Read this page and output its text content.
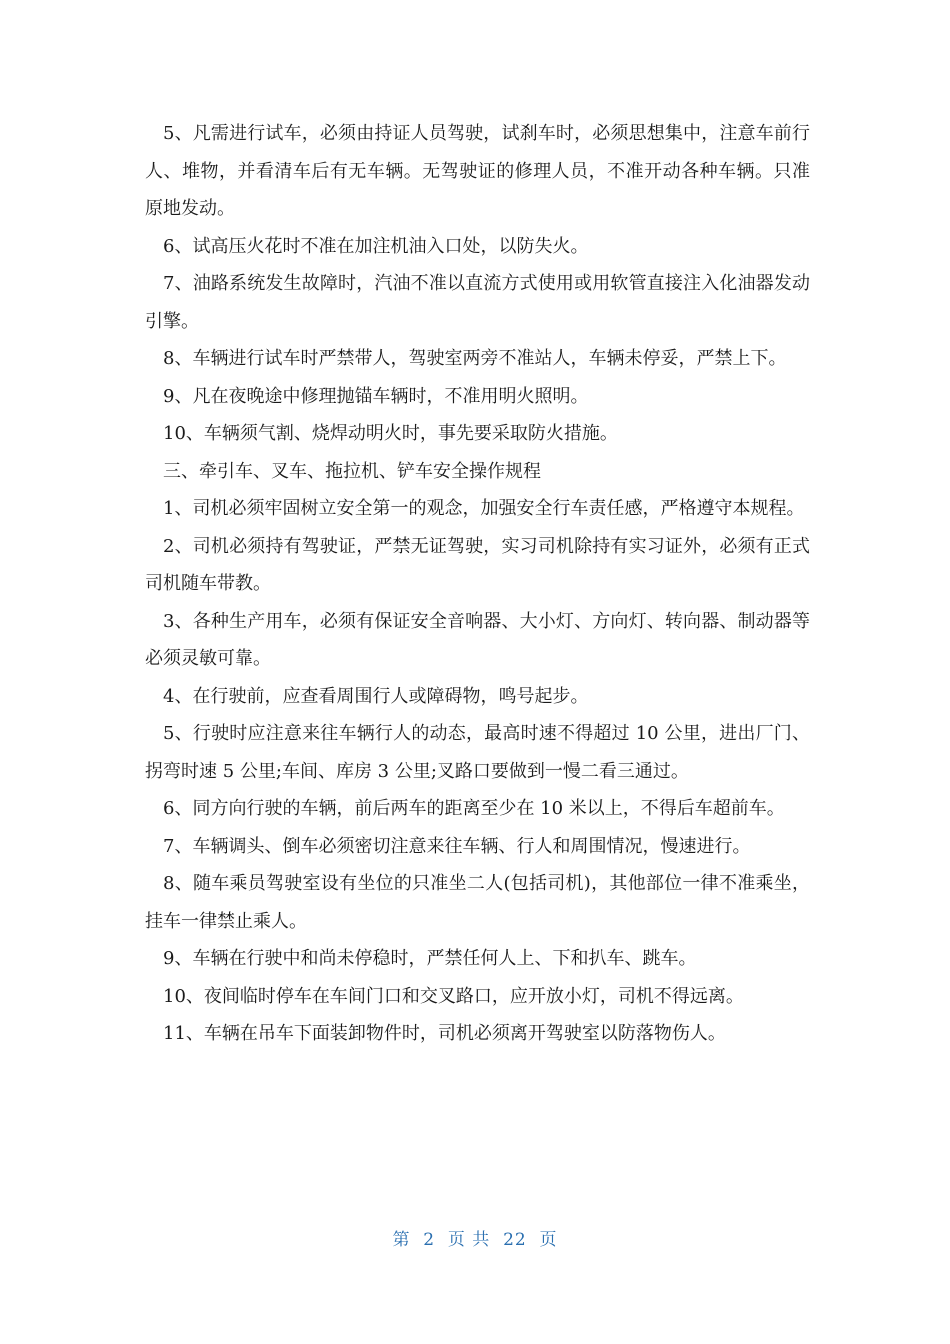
5、凡需进行试车，必须由持证人员驾驶，试刹车时，必须思想集中，注意车前行人、堆物，并看清车后有无车辆。无驾驶证的修理人员，不准开动各种车辆。只准原地发动。

6、试高压火花时不准在加注机油入口处，以防失火。

7、油路系统发生故障时，汽油不准以直流方式使用或用软管直接注入化油器发动引擎。

8、车辆进行试车时严禁带人，驾驶室两旁不准站人，车辆未停妥，严禁上下。

9、凡在夜晚途中修理抛锚车辆时，不准用明火照明。

10、车辆须气割、烧焊动明火时，事先要采取防火措施。

三、牵引车、叉车、拖拉机、铲车安全操作规程

1、司机必须牢固树立安全第一的观念，加强安全行车责任感，严格遵守本规程。

2、司机必须持有驾驶证，严禁无证驾驶，实习司机除持有实习证外，必须有正式司机随车带教。

3、各种生产用车，必须有保证安全音响器、大小灯、方向灯、转向器、制动器等必须灵敏可靠。

4、在行驶前，应查看周围行人或障碍物，鸣号起步。

5、行驶时应注意来往车辆行人的动态，最高时速不得超过 10 公里，进出厂门、拐弯时速 5 公里;车间、库房 3 公里;叉路口要做到一慢二看三通过。

6、同方向行驶的车辆，前后两车的距离至少在 10 米以上，不得后车超前车。

7、车辆调头、倒车必须密切注意来往车辆、行人和周围情况，慢速进行。

8、随车乘员驾驶室设有坐位的只准坐二人(包括司机)，其他部位一律不准乘坐，挂车一律禁止乘人。

9、车辆在行驶中和尚未停稳时，严禁任何人上、下和扒车、跳车。

10、夜间临时停车在车间门口和交叉路口，应开放小灯，司机不得远离。

11、车辆在吊车下面装卸物件时，司机必须离开驾驶室以防落物伤人。

第  2  页 共  22  页
